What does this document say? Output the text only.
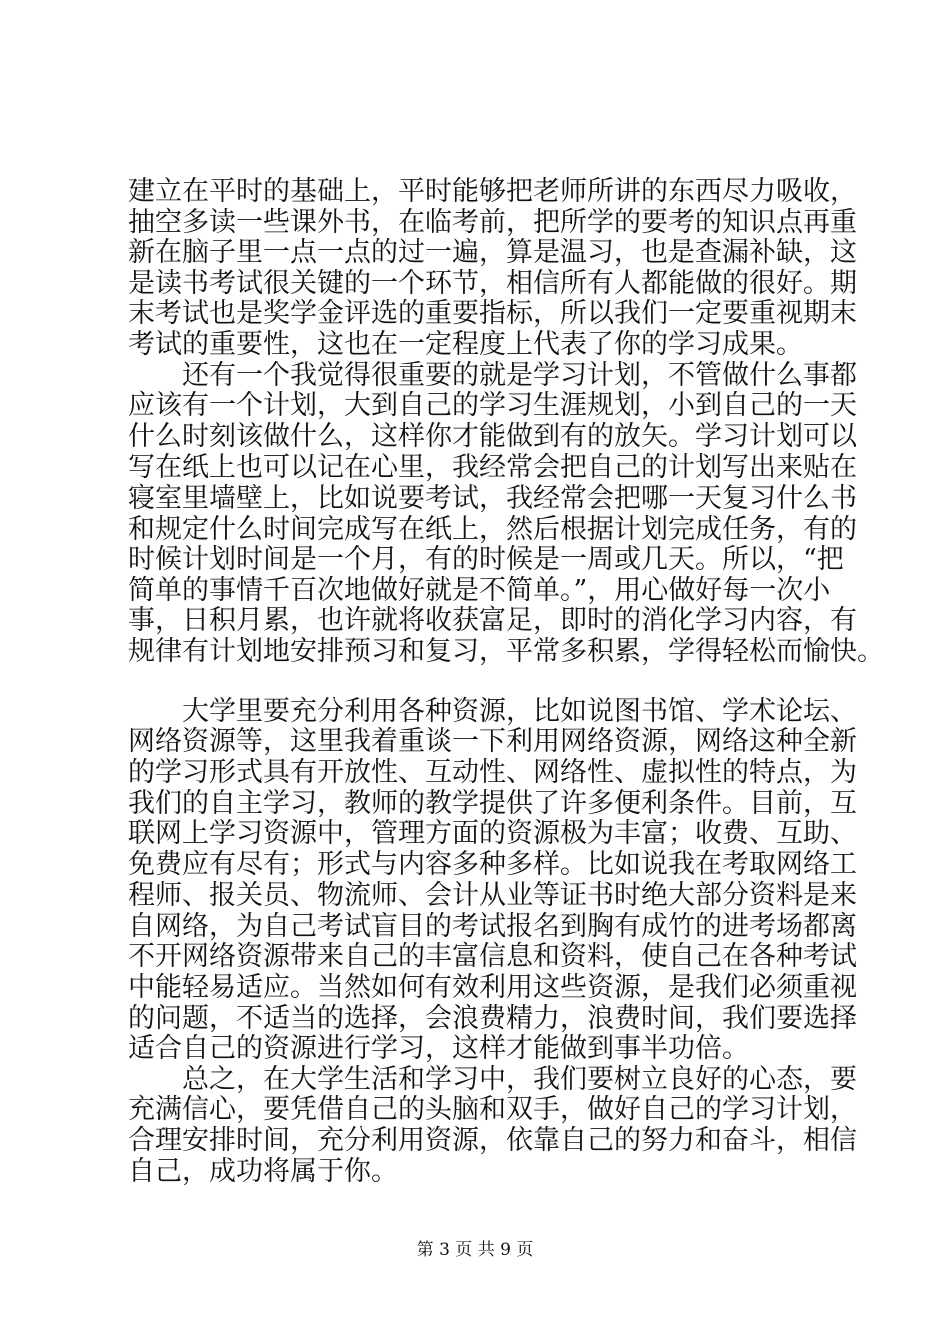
建立在平时的基础上，平时能够把老师所讲的东西尽力吸收，
抽空多读一些课外书，在临考前，把所学的要考的知识点再重
新在脑子里一点一点的过一遍，算是温习，也是查漏补缺，这
是读书考试很关键的一个环节，相信所有人都能做的很好。期
末考试也是奖学金评选的重要指标，所以我们一定要重视期末
考试的重要性，这也在一定程度上代表了你的学习成果。
还有一个我觉得很重要的就是学习计划，不管做什么事都
应该有一个计划，大到自己的学习生涯规划，小到自己的一天
什么时刻该做什么，这样你才能做到有的放矢。学习计划可以
写在纸上也可以记在心里，我经常会把自己的计划写出来贴在
寝室里墙壁上，比如说要考试，我经常会把哪一天复习什么书
和规定什么时间完成写在纸上，然后根据计划完成任务，有的
时候计划时间是一个月，有的时候是一周或几天。所以，“把
简单的事情千百次地做好就是不简单。”，用心做好每一次小
事，日积月累，也许就将收获富足，即时的消化学习内容，有
规律有计划地安排预习和复习，平常多积累，学得轻松而愉快。
大学里要充分利用各种资源，比如说图书馆、学术论坛、
网络资源等，这里我着重谈一下利用网络资源，网络这种全新
的学习形式具有开放性、互动性、网络性、虚拟性的特点，为
我们的自主学习，教师的教学提供了许多便利条件。目前，互
联网上学习资源中，管理方面的资源极为丰富；收费、互助、
免费应有尽有；形式与内容多种多样。比如说我在考取网络工
程师、报关员、物流师、会计从业等证书时绝大部分资料是来
自网络，为自己考试盲目的考试报名到胸有成竹的进考场都离
不开网络资源带来自己的丰富信息和资料，使自己在各种考试
中能轻易适应。当然如何有效利用这些资源，是我们必须重视
的问题，不适当的选择，会浪费精力，浪费时间，我们要选择
适合自己的资源进行学习，这样才能做到事半功倍。
总之，在大学生活和学习中，我们要树立良好的心态，要
充满信心，要凭借自己的头脑和双手，做好自己的学习计划，
合理安排时间，充分利用资源，依靠自己的努力和奋斗，相信
自己，成功将属于你。
第 3 页 共 9 页
